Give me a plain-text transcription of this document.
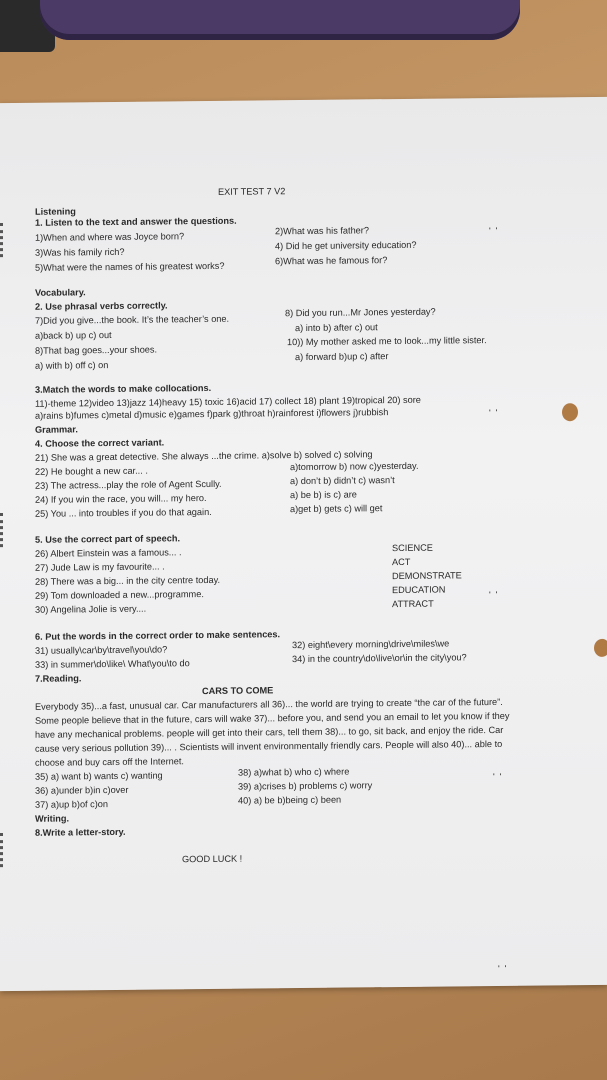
ˌ ˌ
ˌ ˌ
ˌ ˌ
ˌ ˌ
ˌ ˌ
EXIT TEST 7 V2
Listening
1. Listen to the text and answer the questions.
1)When and where was Joyce born?
2)What was his father?
3)Was his family rich?
4) Did he get university education?
5)What were the names of his greatest works?
6)What was he famous for?
Vocabulary.
2. Use phrasal verbs correctly.
7)Did you give...the book. It’s the teacher’s one.
8) Did you run...Mr Jones yesterday?
a)back b) up c) out
a) into b) after c) out
8)That bag goes...your shoes.
10)) My mother asked me to look...my little sister.
a) with b) off c) on
a) forward b)up c) after
3.Match the words to make collocations.
11)-theme 12)video 13)jazz 14)heavy 15) toxic 16)acid 17) collect 18) plant 19)tropical 20) sore
a)rains b)fumes c)metal d)music e)games f)park g)throat h)rainforest i)flowers j)rubbish
Grammar.
4. Choose the correct variant.
21) She was a great detective. She always ...the crime. a)solve b) solved c) solving
22) He bought a new car... .	a)tomorrow b) now c)yesterday.
23) The actress...play the role of Agent Scully.	a) don’t b) didn’t c) wasn’t
24) If you win the race, you will... my hero.	a) be b) is c) are
25) You ... into troubles if you do that again.	a)get b) gets c) will get
5. Use the correct part of speech.
26) Albert Einstein was a famous... .	SCIENCE
27) Jude Law is my favourite... .	ACT
28) There was a big... in the city centre today.	DEMONSTRATE
29) Tom downloaded a new...programme.	EDUCATION
30) Angelina Jolie is very....	ATTRACT
6. Put the words in the correct order to make sentences.
31) usually\car\by\travel\you\do?	32) eight\every morning\drive\miles\we
33) in summer\do\like\ What\you\to do	34) in the country\do\live\or\in the city\you?
7.Reading.
CARS TO COME
Everybody 35)...a fast, unusual car. Car manufacturers all 36)... the world are trying to create “the car of the future”.
Some people believe that in the future, cars will wake 37)... before you, and send you an email to let you know if they
have any mechanical problems. people will get into their cars, tell them 38)... to go, sit back, and enjoy the ride. Car
cause very serious pollution 39)... . Scientists will invent environmentally friendly cars. People will also 40)... able to
choose and buy cars off the Internet.
35) a) want b) wants c) wanting	38) a)what b) who c) where
36) a)under b)in c)over	39) a)crises b) problems c) worry
37) a)up b)of c)on	40) a) be b)being c) been
Writing.
8.Write a letter-story.
GOOD LUCK !
